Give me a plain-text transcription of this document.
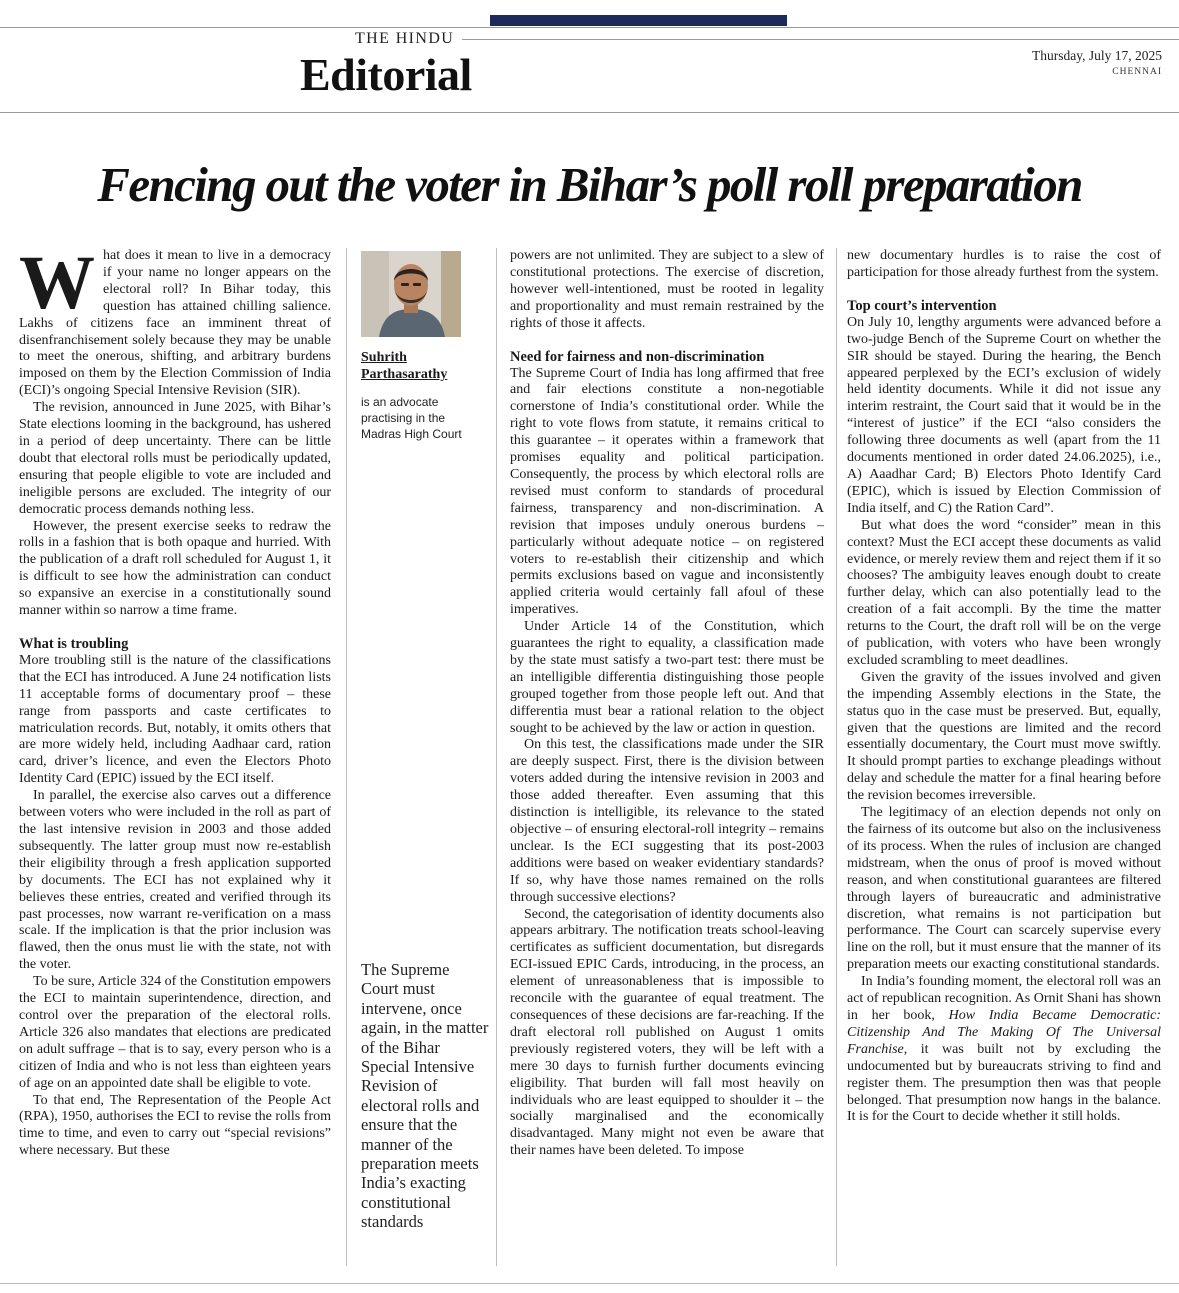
THE HINDU
Editorial	Thursday, July 17, 2025
CHENNAI
Fencing out the voter in Bihar’s poll roll preparation

What does it mean to live in a democracy if your name no longer appears on the electoral roll? In Bihar today, this question has attained chilling salience. Lakhs of citizens face an imminent threat of disenfranchisement solely because they may be unable to meet the onerous, shifting, and arbitrary burdens imposed on them by the Election Commission of India (ECI)’s ongoing Special Intensive Revision (SIR).

The revision, announced in June 2025, with Bihar’s State elections looming in the background, has ushered in a period of deep uncertainty. There can be little doubt that electoral rolls must be periodically updated, ensuring that people eligible to vote are included and ineligible persons are excluded. The integrity of our democratic process demands nothing less.

However, the present exercise seeks to redraw the rolls in a fashion that is both opaque and hurried. With the publication of a draft roll scheduled for August 1, it is difficult to see how the administration can conduct so expansive an exercise in a constitutionally sound manner within so narrow a time frame.

What is troubling

More troubling still is the nature of the classifications that the ECI has introduced. A June 24 notification lists 11 acceptable forms of documentary proof – these range from passports and caste certificates to matriculation records. But, notably, it omits others that are more widely held, including Aadhaar card, ration card, driver’s licence, and even the Electors Photo Identity Card (EPIC) issued by the ECI itself.

In parallel, the exercise also carves out a difference between voters who were included in the roll as part of the last intensive revision in 2003 and those added subsequently. The latter group must now re-establish their eligibility through a fresh application supported by documents. The ECI has not explained why it believes these entries, created and verified through its past processes, now warrant re-verification on a mass scale. If the implication is that the prior inclusion was flawed, then the onus must lie with the state, not with the voter.

To be sure, Article 324 of the Constitution empowers the ECI to maintain superintendence, direction, and control over the preparation of the electoral rolls. Article 326 also mandates that elections are predicated on adult suffrage – that is to say, every person who is a citizen of India and who is not less than eighteen years of age on an appointed date shall be eligible to vote.

To that end, The Representation of the People Act (RPA), 1950, authorises the ECI to revise the rolls from time to time, and even to carry out “special revisions” where necessary. But these

Suhrith Parthasarathy
is an advocate practising in the Madras High Court
The Supreme Court must intervene, once again, in the matter of the Bihar Special Intensive Revision of electoral rolls and ensure that the manner of the preparation meets India’s exacting constitutional standards

powers are not unlimited. They are subject to a slew of constitutional protections. The exercise of discretion, however well-intentioned, must be rooted in legality and proportionality and must remain restrained by the rights of those it affects.

Need for fairness and non-discrimination

The Supreme Court of India has long affirmed that free and fair elections constitute a non-negotiable cornerstone of India’s constitutional order. While the right to vote flows from statute, it remains critical to this guarantee – it operates within a framework that promises equality and political participation. Consequently, the process by which electoral rolls are revised must conform to standards of procedural fairness, transparency and non-discrimination. A revision that imposes unduly onerous burdens – particularly without adequate notice – on registered voters to re-establish their citizenship and which permits exclusions based on vague and inconsistently applied criteria would certainly fall afoul of these imperatives.

Under Article 14 of the Constitution, which guarantees the right to equality, a classification made by the state must satisfy a two-part test: there must be an intelligible differentia distinguishing those people grouped together from those people left out. And that differentia must bear a rational relation to the object sought to be achieved by the law or action in question.

On this test, the classifications made under the SIR are deeply suspect. First, there is the division between voters added during the intensive revision in 2003 and those added thereafter. Even assuming that this distinction is intelligible, its relevance to the stated objective – of ensuring electoral-roll integrity – remains unclear. Is the ECI suggesting that its post-2003 additions were based on weaker evidentiary standards? If so, why have those names remained on the rolls through successive elections?

Second, the categorisation of identity documents also appears arbitrary. The notification treats school-leaving certificates as sufficient documentation, but disregards ECI-issued EPIC Cards, introducing, in the process, an element of unreasonableness that is impossible to reconcile with the guarantee of equal treatment. The consequences of these decisions are far-reaching. If the draft electoral roll published on August 1 omits previously registered voters, they will be left with a mere 30 days to furnish further documents evincing eligibility. That burden will fall most heavily on individuals who are least equipped to shoulder it – the socially marginalised and the economically disadvantaged. Many might not even be aware that their names have been deleted. To impose

new documentary hurdles is to raise the cost of participation for those already furthest from the system.

Top court’s intervention

On July 10, lengthy arguments were advanced before a two-judge Bench of the Supreme Court on whether the SIR should be stayed. During the hearing, the Bench appeared perplexed by the ECI’s exclusion of widely held identity documents. While it did not issue any interim restraint, the Court said that it would be in the “interest of justice” if the ECI “also considers the following three documents as well (apart from the 11 documents mentioned in order dated 24.06.2025), i.e., A) Aaadhar Card; B) Electors Photo Identify Card (EPIC), which is issued by Election Commission of India itself, and C) the Ration Card”.

But what does the word “consider” mean in this context? Must the ECI accept these documents as valid evidence, or merely review them and reject them if it so chooses? The ambiguity leaves enough doubt to create further delay, which can also potentially lead to the creation of a fait accompli. By the time the matter returns to the Court, the draft roll will be on the verge of publication, with voters who have been wrongly excluded scrambling to meet deadlines.

Given the gravity of the issues involved and given the impending Assembly elections in the State, the status quo in the case must be preserved. But, equally, given that the questions are limited and the record essentially documentary, the Court must move swiftly. It should prompt parties to exchange pleadings without delay and schedule the matter for a final hearing before the revision becomes irreversible.

The legitimacy of an election depends not only on the fairness of its outcome but also on the inclusiveness of its process. When the rules of inclusion are changed midstream, when the onus of proof is moved without reason, and when constitutional guarantees are filtered through layers of bureaucratic and administrative discretion, what remains is not participation but performance. The Court can scarcely supervise every line on the roll, but it must ensure that the manner of its preparation meets our exacting constitutional standards.

In India’s founding moment, the electoral roll was an act of republican recognition. As Ornit Shani has shown in her book, How India Became Democratic: Citizenship And The Making Of The Universal Franchise, it was built not by excluding the undocumented but by bureaucrats striving to find and register them. The presumption then was that people belonged. That presumption now hangs in the balance. It is for the Court to decide whether it still holds.
